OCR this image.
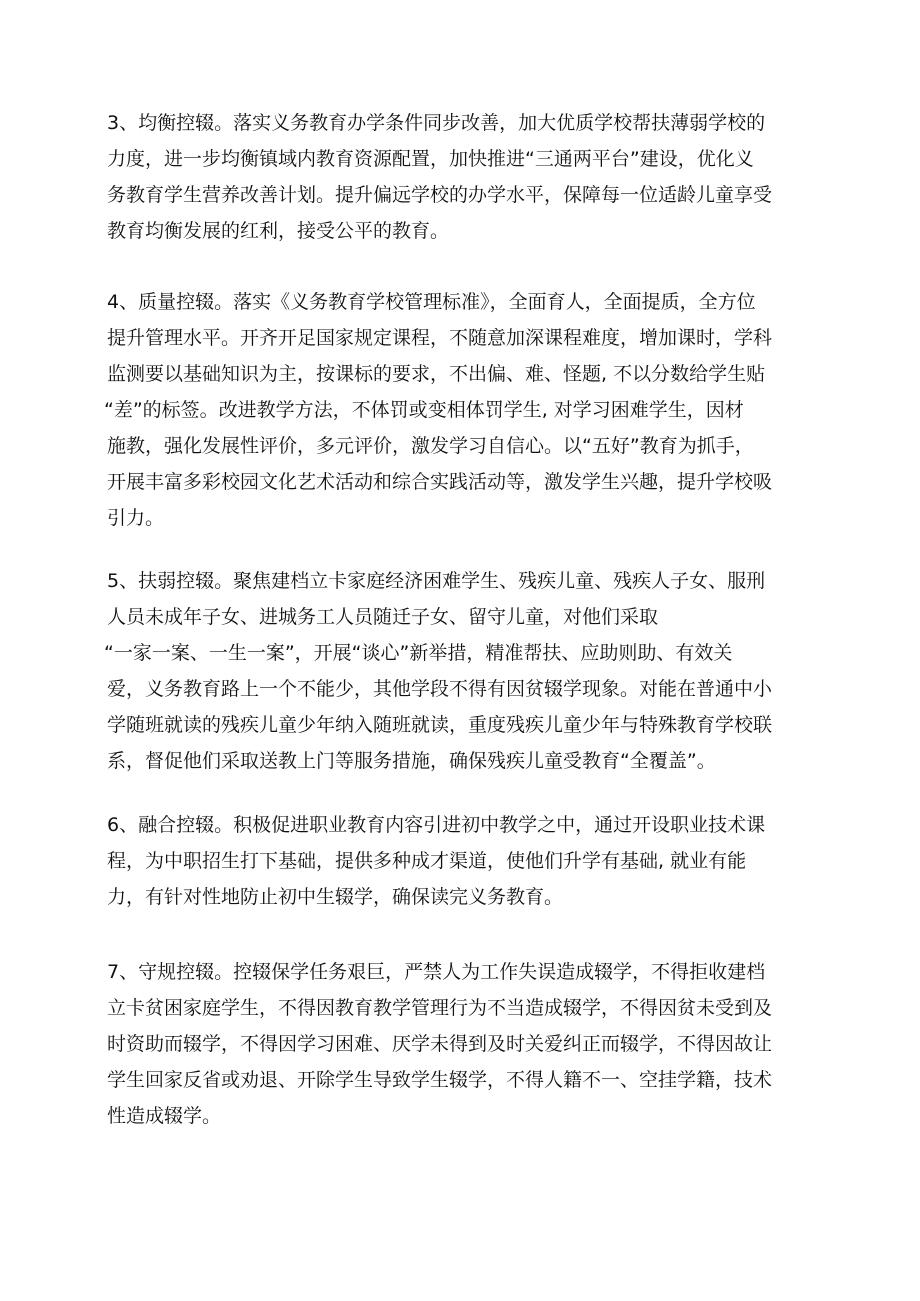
3、均衡控辍。落实义务教育办学条件同步改善，加大优质学校帮扶薄弱学校的
力度，进一步均衡镇域内教育资源配置，加快推进“三通两平台”建设，优化义
务教育学生营养改善计划。提升偏远学校的办学水平，保障每一位适龄儿童享受
教育均衡发展的红利，接受公平的教育。
4、质量控辍。落实《义务教育学校管理标准》，全面育人，全面提质，全方位
提升管理水平。开齐开足国家规定课程，不随意加深课程难度，增加课时，学科
监测要以基础知识为主，按课标的要求，不出偏、难、怪题, 不以分数给学生贴
“差”的标签。改进教学方法，不体罚或变相体罚学生, 对学习困难学生，因材
施教，强化发展性评价，多元评价，激发学习自信心。以“五好”教育为抓手，
开展丰富多彩校园文化艺术活动和综合实践活动等，激发学生兴趣，提升学校吸
引力。
5、扶弱控辍。聚焦建档立卡家庭经济困难学生、残疾儿童、残疾人子女、服刑
人员未成年子女、进城务工人员随迁子女、留守儿童，对他们采取
“一家一案、一生一案”，开展“谈心”新举措，精准帮扶、应助则助、有效关
爱，义务教育路上一个不能少，其他学段不得有因贫辍学现象。对能在普通中小
学随班就读的残疾儿童少年纳入随班就读，重度残疾儿童少年与特殊教育学校联
系，督促他们采取送教上门等服务措施，确保残疾儿童受教育“全覆盖”。
6、融合控辍。积极促进职业教育内容引进初中教学之中，通过开设职业技术课
程，为中职招生打下基础，提供多种成才渠道，使他们升学有基础, 就业有能
力，有针对性地防止初中生辍学，确保读完义务教育。
7、守规控辍。控辍保学任务艰巨，严禁人为工作失误造成辍学，不得拒收建档
立卡贫困家庭学生，不得因教育教学管理行为不当造成辍学，不得因贫未受到及
时资助而辍学，不得因学习困难、厌学未得到及时关爱纠正而辍学，不得因故让
学生回家反省或劝退、开除学生导致学生辍学，不得人籍不一、空挂学籍，技术
性造成辍学。
